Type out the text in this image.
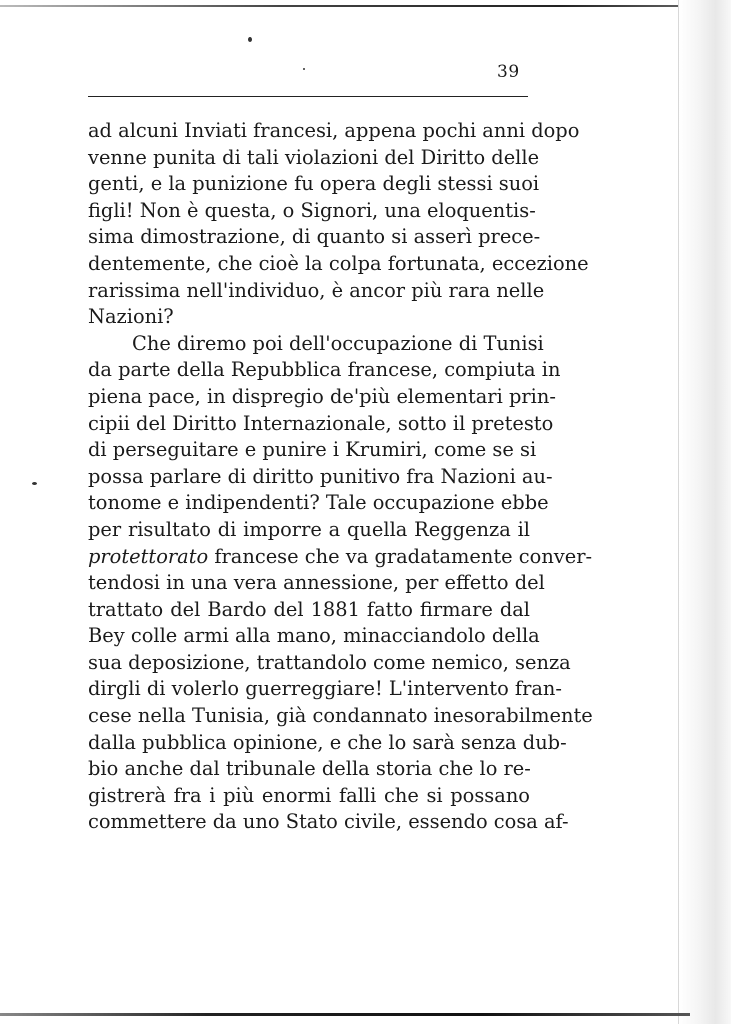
39
ad alcuni Inviati francesi, appena pochi anni dopo
venne punita di tali violazioni del Diritto delle
genti, e la punizione fu opera degli stessi suoi
figli! Non è questa, o Signori, una eloquentis-
sima dimostrazione, di quanto si asserì prece-
dentemente, che cioè la colpa fortunata, eccezione
rarissima nell'individuo, è ancor più rara nelle
Nazioni?
Che diremo poi dell'occupazione di Tunisi
da parte della Repubblica francese, compiuta in
piena pace, in dispregio de'più elementari prin-
cipii del Diritto Internazionale, sotto il pretesto
di perseguitare e punire i Krumiri, come se si
possa parlare di diritto punitivo fra Nazioni au-
tonome e indipendenti? Tale occupazione ebbe
per risultato di imporre a quella Reggenza il
protettorato francese che va gradatamente conver-
tendosi in una vera annessione, per effetto del
trattato del Bardo del 1881 fatto firmare dal
Bey colle armi alla mano, minacciandolo della
sua deposizione, trattandolo come nemico, senza
dirgli di volerlo guerreggiare! L'intervento fran-
cese nella Tunisia, già condannato inesorabilmente
dalla pubblica opinione, e che lo sarà senza dub-
bio anche dal tribunale della storia che lo re-
gistrerà fra i più enormi falli che si possano
commettere da uno Stato civile, essendo cosa af-
